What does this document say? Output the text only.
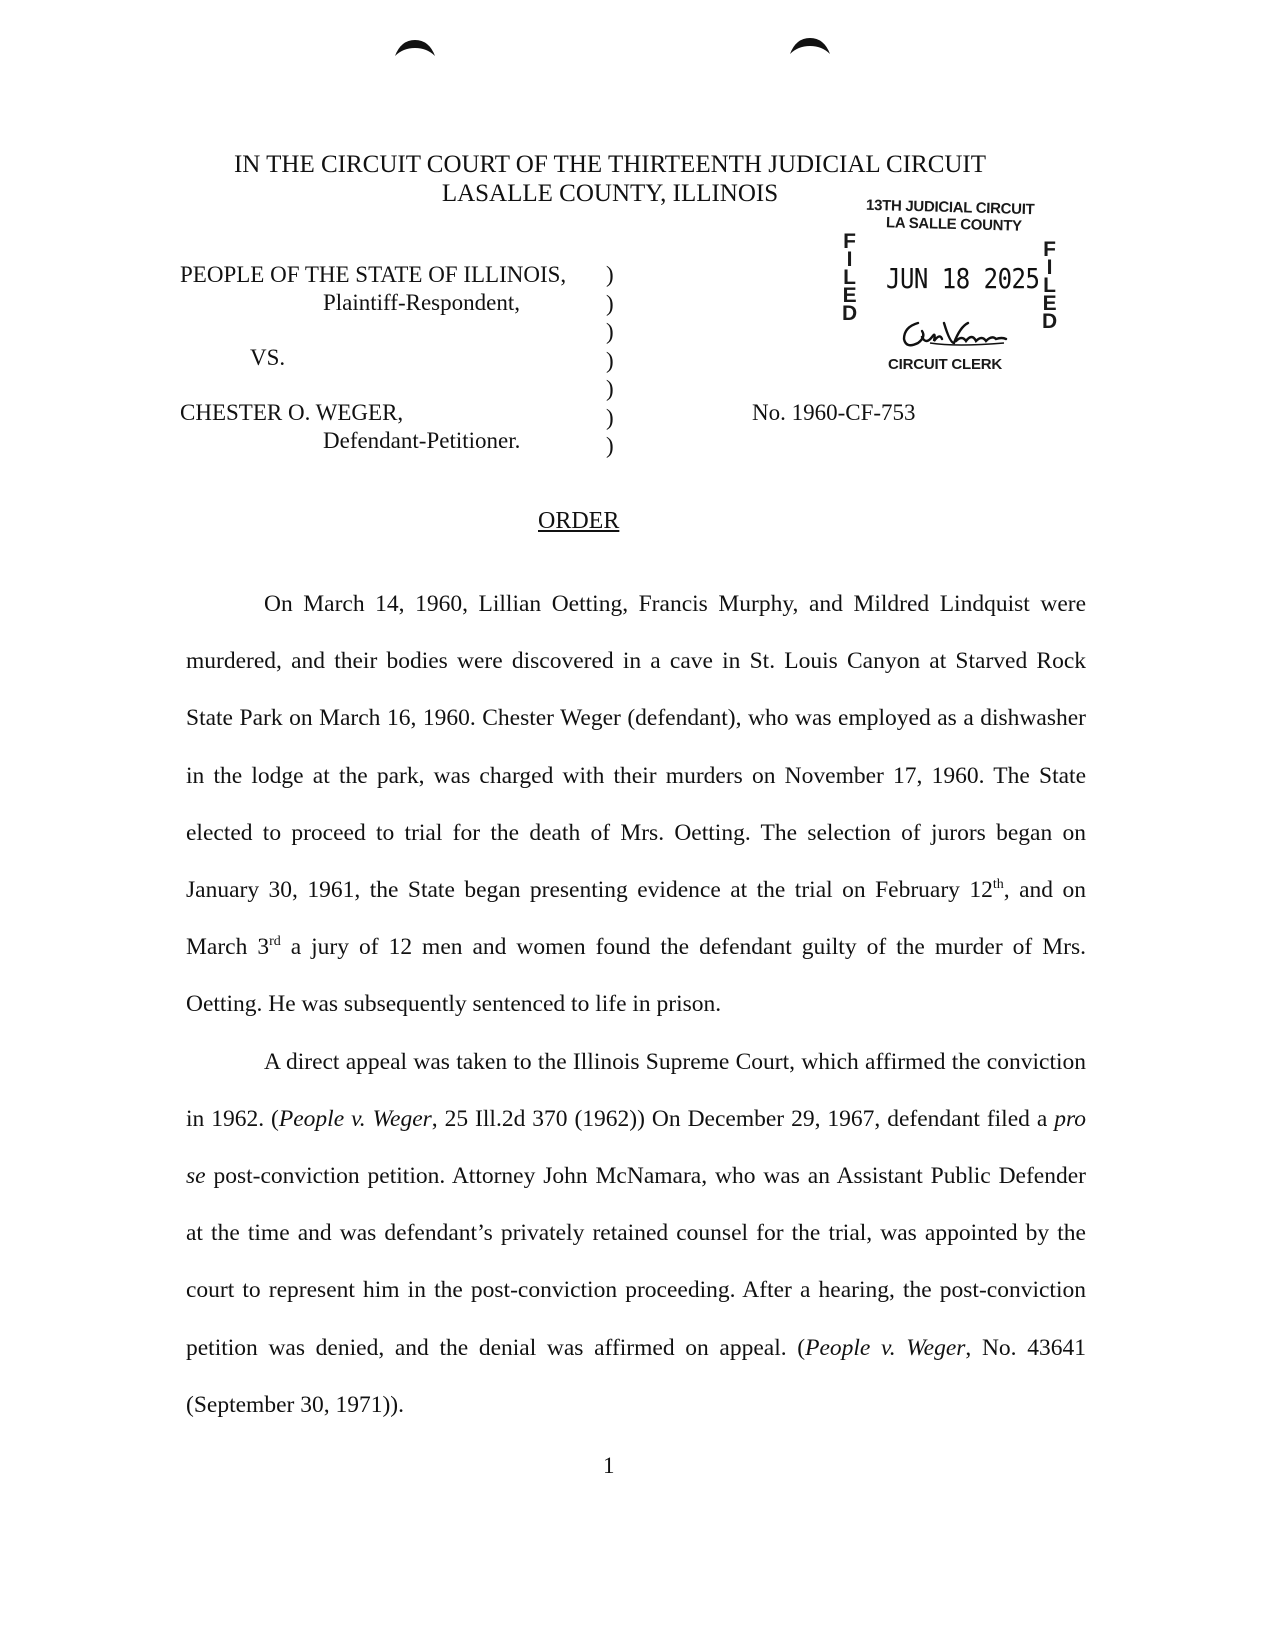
IN THE CIRCUIT COURT OF THE THIRTEENTH JUDICIAL CIRCUIT
LASALLE COUNTY, ILLINOIS
PEOPLE OF THE STATE OF ILLINOIS,
Plaintiff-Respondent,
VS.
CHESTER O. WEGER,
Defendant-Petitioner.
)
)
)
)
)
)
)
No. 1960-CF-753
13TH JUDICIAL CIRCUIT
LA SALLE COUNTY
F
I
L
E
D
F
I
L
E
D
JUN 18 2025
CIRCUIT CLERK
ORDER

On March 14, 1960, Lillian Oetting, Francis Murphy, and Mildred Lindquist were murdered, and their bodies were discovered in a cave in St. Louis Canyon at Starved Rock State Park on March 16, 1960. Chester Weger (defendant), who was employed as a dishwasher in the lodge at the park, was charged with their murders on November 17, 1960. The State elected to proceed to trial for the death of Mrs. Oetting. The selection of jurors began on January 30, 1961, the State began presenting evidence at the trial on February 12th, and on March 3rd a jury of 12 men and women found the defendant guilty of the murder of Mrs. Oetting. He was subsequently sentenced to life in prison.

A direct appeal was taken to the Illinois Supreme Court, which affirmed the conviction in 1962. (People v. Weger, 25 Ill.2d 370 (1962)) On December 29, 1967, defendant filed a pro se post-conviction petition. Attorney John McNamara, who was an Assistant Public Defender at the time and was defendant’s privately retained counsel for the trial, was appointed by the court to represent him in the post-conviction proceeding. After a hearing, the post-conviction petition was denied, and the denial was affirmed on appeal. (People v. Weger, No. 43641 (September 30, 1971)).

1
